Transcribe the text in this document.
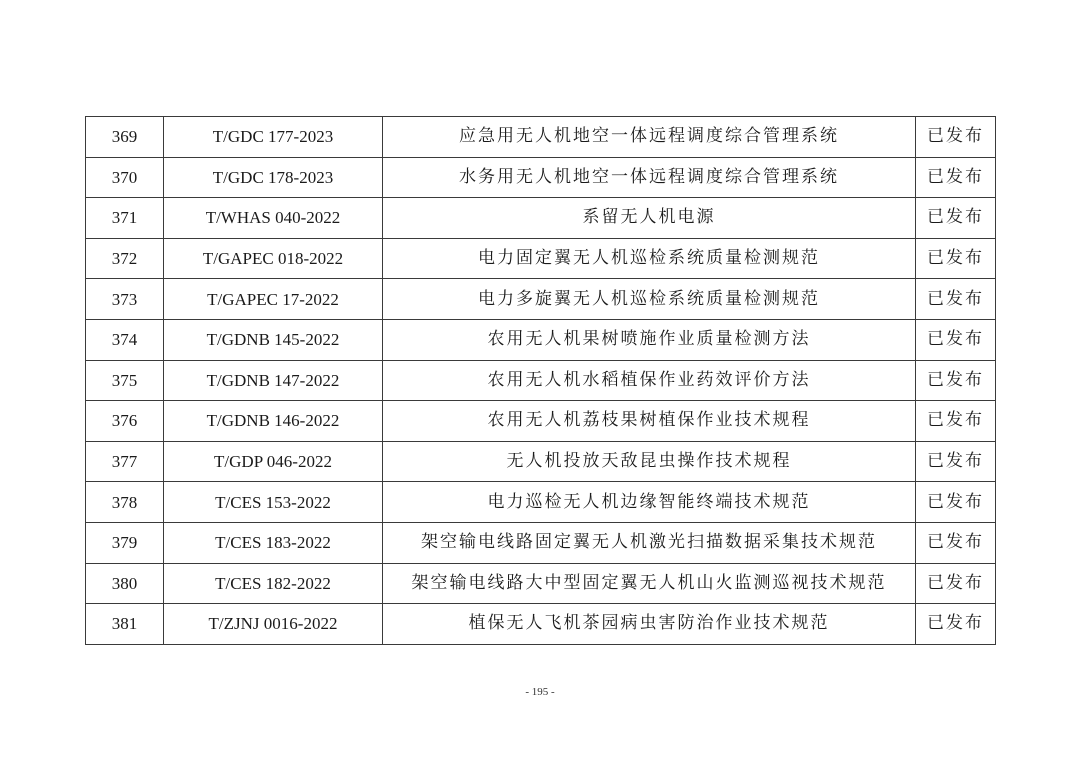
369	T/GDC 177-2023	应急用无人机地空一体远程调度综合管理系统	已发布
370	T/GDC 178-2023	水务用无人机地空一体远程调度综合管理系统	已发布
371	T/WHAS 040-2022	系留无人机电源	已发布
372	T/GAPEC 018-2022	电力固定翼无人机巡检系统质量检测规范	已发布
373	T/GAPEC 17-2022	电力多旋翼无人机巡检系统质量检测规范	已发布
374	T/GDNB 145-2022	农用无人机果树喷施作业质量检测方法	已发布
375	T/GDNB 147-2022	农用无人机水稻植保作业药效评价方法	已发布
376	T/GDNB 146-2022	农用无人机荔枝果树植保作业技术规程	已发布
377	T/GDP 046-2022	无人机投放天敌昆虫操作技术规程	已发布
378	T/CES 153-2022	电力巡检无人机边缘智能终端技术规范	已发布
379	T/CES 183-2022	架空输电线路固定翼无人机激光扫描数据采集技术规范	已发布
380	T/CES 182-2022	架空输电线路大中型固定翼无人机山火监测巡视技术规范	已发布
381	T/ZJNJ 0016-2022	植保无人飞机茶园病虫害防治作业技术规范	已发布
- 195 -
